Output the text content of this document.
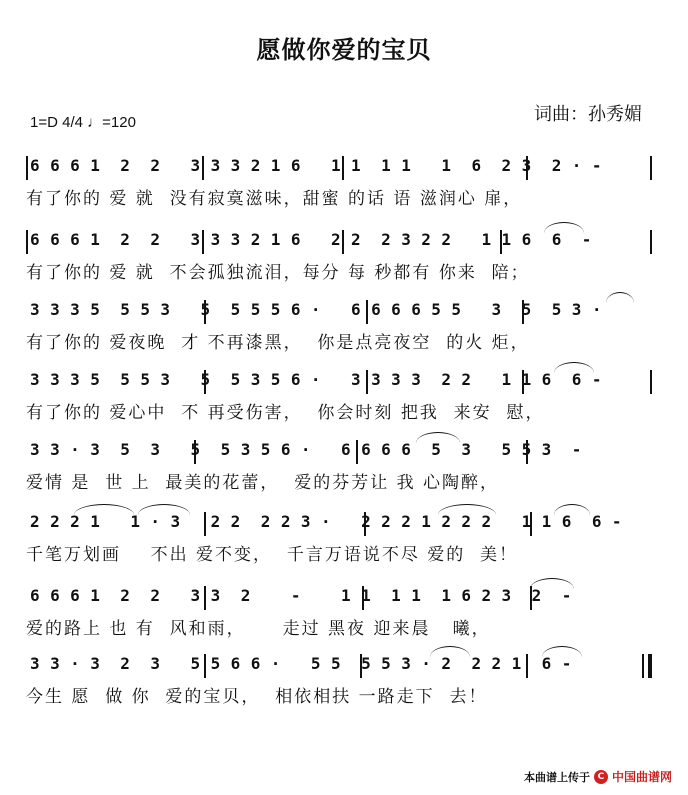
愿做你爱的宝贝
1=D 4/4 ♩=120	词曲：孙秀媚
6 6 6 1  2  2   3 3 3 2 1 6   1 1  1 1   1  6  2 3  2 · -
有了你的 爱 就  没有寂寞滋味，甜蜜 的话 语 滋润心 扉，
6 6 6 1  2  2   3 3 3 2 1 6   2 2  2 3 2 2   1 1 6  6  -
有了你的 爱 就  不会孤独流泪，每分 每 秒都有 你来  陪；
3 3 3 5  5 5 3   5  5 5 5 6 ·   6 6 6 6 5 5   3  5  5 3 ·
有了你的 爱夜晚  才 不再漆黑，  你是点亮夜空  的火 炬，
3 3 3 5  5 5 3   5  5 3 5 6 ·   3 3 3 3  2 2   1 1 6  6 -
有了你的 爱心中  不 再受伤害，  你会时刻 把我  来安  慰，
3 3 · 3  5  3   5  5 3 5 6 ·   6 6 6 6  5  3   5 5 3  -
爱情 是  世 上  最美的花蕾，  爱的芬芳让 我 心陶醉，
2 2 2 1   1 · 3   2 2  2 2 3 ·   2 2 2 1 2 2 2   1 1 6  6 -
千笔万划画    不出 爱不变，  千言万语说不尽 爱的  美！
6 6 6 1  2  2   3 3  2    -    1 1  1 1  1 6 2 3  2  -
爱的路上 也 有  风和雨，     走过 黑夜 迎来晨   曦，
3 3 · 3  2  3   5 5 6 6 ·   5 5  5 5 3 · 2  2 2 1  6 -
今生 愿  做 你  爱的宝贝，  相依相扶 一路走下  去！
本曲谱上传于 C 中国曲谱网
